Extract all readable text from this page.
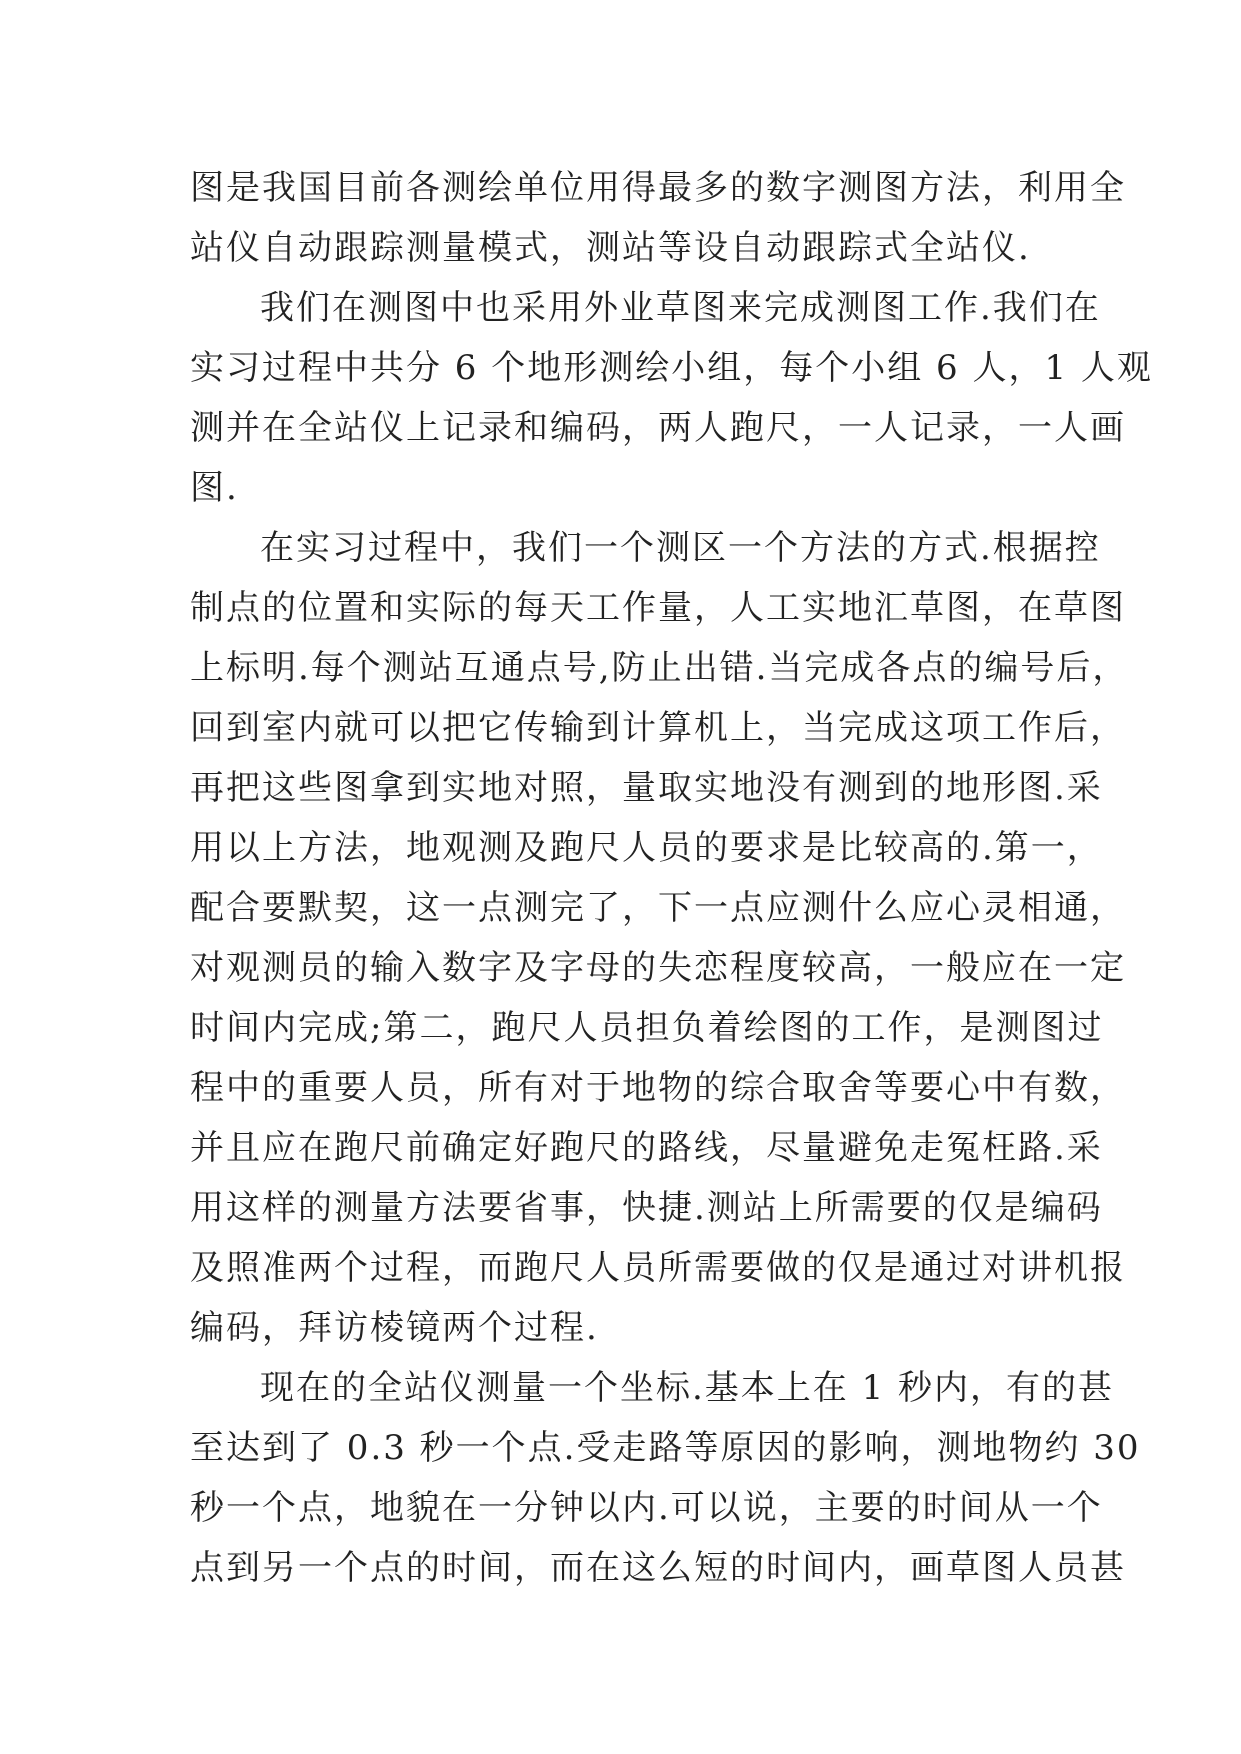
图是我国目前各测绘单位用得最多的数字测图方法，利用全
站仪自动跟踪测量模式，测站等设自动跟踪式全站仪.
我们在测图中也采用外业草图来完成测图工作.我们在
实习过程中共分 6 个地形测绘小组，每个小组 6 人，1 人观
测并在全站仪上记录和编码，两人跑尺，一人记录，一人画
图.
在实习过程中，我们一个测区一个方法的方式.根据控
制点的位置和实际的每天工作量，人工实地汇草图，在草图
上标明.每个测站互通点号,防止出错.当完成各点的编号后，
回到室内就可以把它传输到计算机上，当完成这项工作后，
再把这些图拿到实地对照，量取实地没有测到的地形图.采
用以上方法，地观测及跑尺人员的要求是比较高的.第一，
配合要默契，这一点测完了，下一点应测什么应心灵相通，
对观测员的输入数字及字母的失恋程度较高，一般应在一定
时间内完成;第二，跑尺人员担负着绘图的工作，是测图过
程中的重要人员，所有对于地物的综合取舍等要心中有数，
并且应在跑尺前确定好跑尺的路线，尽量避免走冤枉路.采
用这样的测量方法要省事，快捷.测站上所需要的仅是编码
及照准两个过程，而跑尺人员所需要做的仅是通过对讲机报
编码，拜访棱镜两个过程.
现在的全站仪测量一个坐标.基本上在 1 秒内，有的甚
至达到了 0.3 秒一个点.受走路等原因的影响，测地物约 30
秒一个点，地貌在一分钟以内.可以说，主要的时间从一个
点到另一个点的时间，而在这么短的时间内，画草图人员甚
